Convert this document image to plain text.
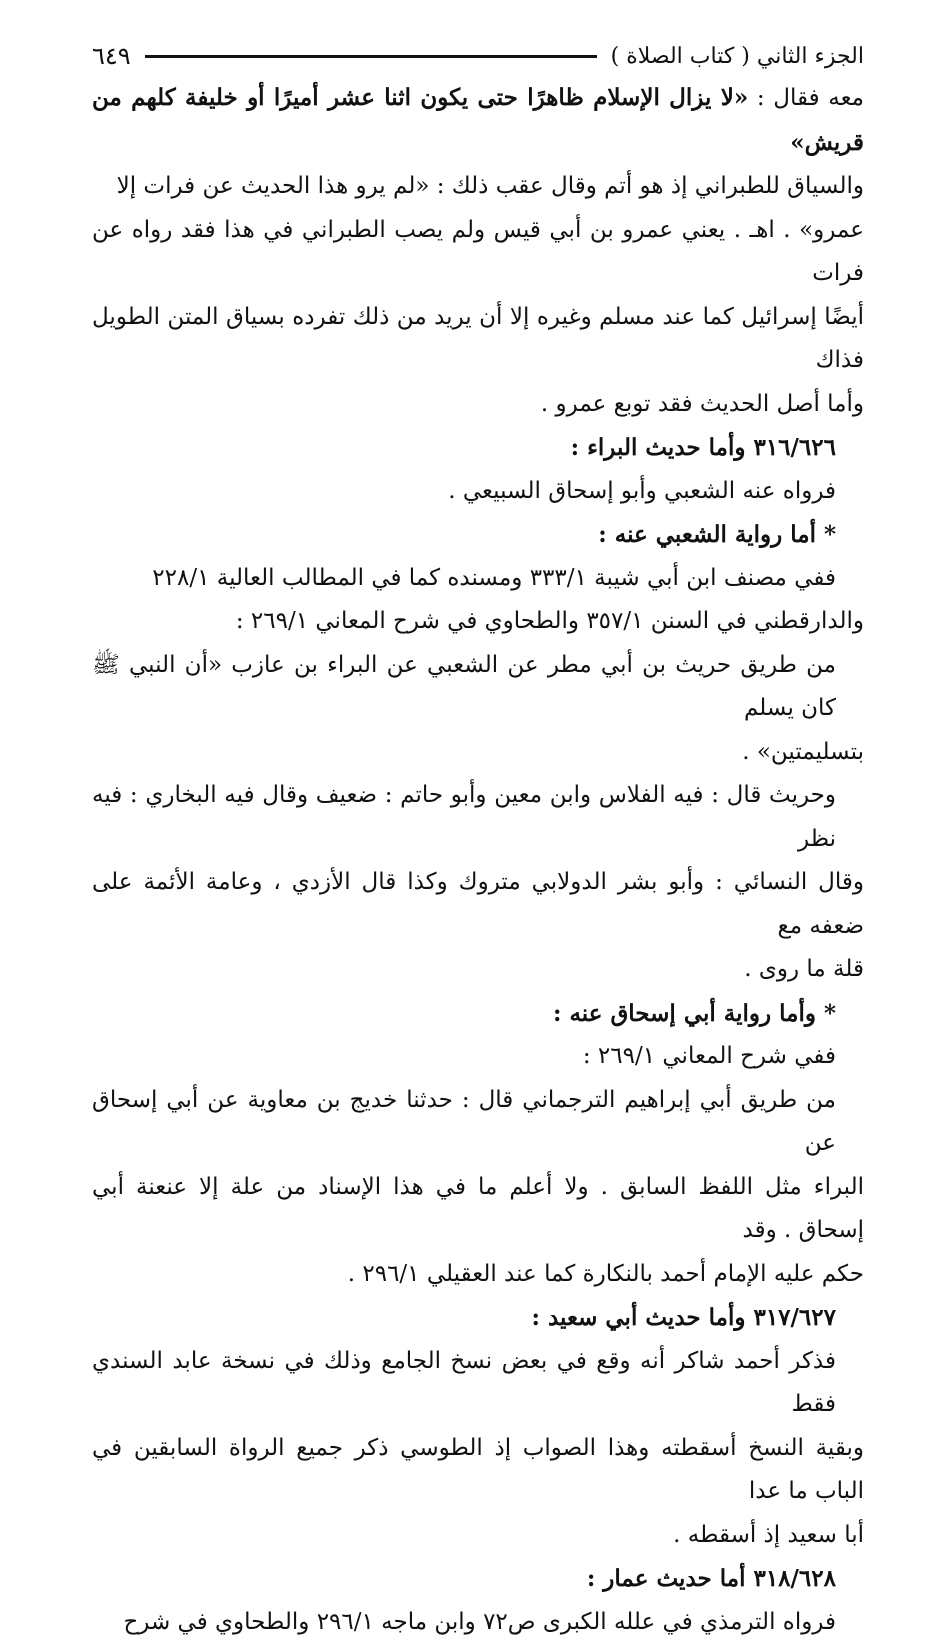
الجزء الثاني ( كتاب الصلاة )
٦٤٩

معه فقال : «لا يزال الإسلام ظاهرًا حتى يكون اثنا عشر أميرًا أو خليفة كلهم من قريش»

والسياق للطبراني إذ هو أتم وقال عقب ذلك : «لم يرو هذا الحديث عن فرات إلا

عمرو» . اهـ . يعني عمرو بن أبي قيس ولم يصب الطبراني في هذا فقد رواه عن فرات

أيضًا إسرائيل كما عند مسلم وغيره إلا أن يريد من ذلك تفرده بسياق المتن الطويل فذاك

وأما أصل الحديث فقد توبع عمرو .

٣١٦/٦٢٦ وأما حديث البراء :

فرواه عنه الشعبي وأبو إسحاق السبيعي .

* أما رواية الشعبي عنه :

ففي مصنف ابن أبي شيبة ٣٣٣/١ ومسنده كما في المطالب العالية ٢٢٨/١

والدارقطني في السنن ٣٥٧/١ والطحاوي في شرح المعاني ٢٦٩/١ :

من طريق حريث بن أبي مطر عن الشعبي عن البراء بن عازب «أن النبي ﷺ كان يسلم

بتسليمتين» .

وحريث قال : فيه الفلاس وابن معين وأبو حاتم : ضعيف وقال فيه البخاري : فيه نظر

وقال النسائي : وأبو بشر الدولابي متروك وكذا قال الأزدي ، وعامة الأئمة على ضعفه مع

قلة ما روى .

* وأما رواية أبي إسحاق عنه :

ففي شرح المعاني ٢٦٩/١ :

من طريق أبي إبراهيم الترجماني قال : حدثنا خديج بن معاوية عن أبي إسحاق عن

البراء مثل اللفظ السابق . ولا أعلم ما في هذا الإسناد من علة إلا عنعنة أبي إسحاق . وقد

حكم عليه الإمام أحمد بالنكارة كما عند العقيلي ٢٩٦/١ .

٣١٧/٦٢٧ وأما حديث أبي سعيد :

فذكر أحمد شاكر أنه وقع في بعض نسخ الجامع وذلك في نسخة عابد السندي فقط

وبقية النسخ أسقطته وهذا الصواب إذ الطوسي ذكر جميع الرواة السابقين في الباب ما عدا

أبا سعيد إذ أسقطه .

٣١٨/٦٢٨ أما حديث عمار :

فرواه الترمذي في علله الكبرى ص٧٢ وابن ماجه ٢٩٦/١ والطحاوي في شرح
